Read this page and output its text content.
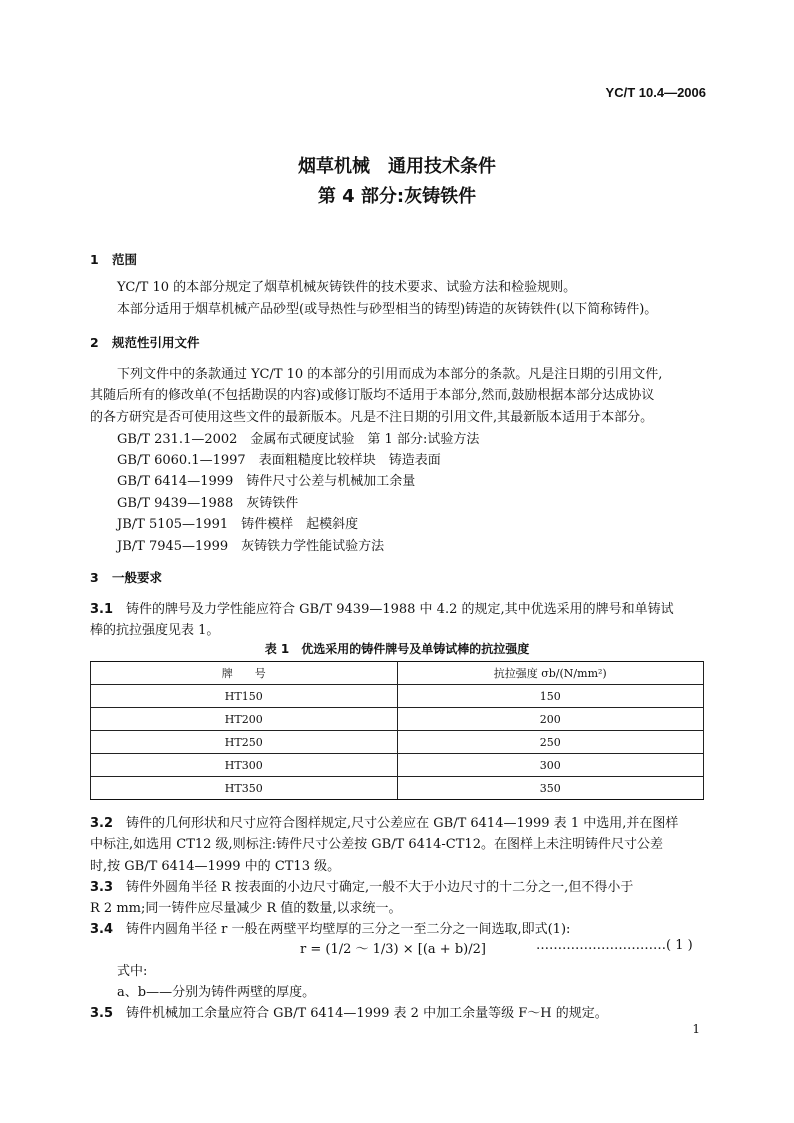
YC/T 10.4—2006
烟草机械　通用技术条件
第 4 部分:灰铸铁件
1 范围
YC/T 10 的本部分规定了烟草机械灰铸铁件的技术要求、试验方法和检验规则。
本部分适用于烟草机械产品砂型(或导热性与砂型相当的铸型)铸造的灰铸铁件(以下简称铸件)。
2 规范性引用文件
下列文件中的条款通过 YC/T 10 的本部分的引用而成为本部分的条款。凡是注日期的引用文件,
其随后所有的修改单(不包括勘误的内容)或修订版均不适用于本部分,然而,鼓励根据本部分达成协议
的各方研究是否可使用这些文件的最新版本。凡是不注日期的引用文件,其最新版本适用于本部分。
GB/T 231.1—2002　金属布式硬度试验　第 1 部分:试验方法
GB/T 6060.1—1997　表面粗糙度比较样块　铸造表面
GB/T 6414—1999　铸件尺寸公差与机械加工余量
GB/T 9439—1988　灰铸铁件
JB/T 5105—1991　铸件模样　起模斜度
JB/T 7945—1999　灰铸铁力学性能试验方法
3 一般要求
3.1 铸件的牌号及力学性能应符合 GB/T 9439—1988 中 4.2 的规定,其中优选采用的牌号和单铸试
棒的抗拉强度见表 1。
表 1　优选采用的铸件牌号及单铸试棒的抗拉强度
牌　　号	抗拉强度 σb/(N/mm²)
HT150	150
HT200	200
HT250	250
HT300	300
HT350	350
3.2 铸件的几何形状和尺寸应符合图样规定,尺寸公差应在 GB/T 6414—1999 表 1 中选用,并在图样
中标注,如选用 CT12 级,则标注:铸件尺寸公差按 GB/T 6414-CT12。在图样上未注明铸件尺寸公差
时,按 GB/T 6414—1999 中的 CT13 级。
3.3 铸件外圆角半径 R 按表面的小边尺寸确定,一般不大于小边尺寸的十二分之一,但不得小于
R 2 mm;同一铸件应尽量减少 R 值的数量,以求统一。
3.4 铸件内圆角半径 r 一般在两壁平均壁厚的三分之一至二分之一间选取,即式(1):
r = (1/2 ～ 1/3) × [(a + b)/2]	…………………………( 1 )
式中:
a、b——分别为铸件两壁的厚度。
3.5 铸件机械加工余量应符合 GB/T 6414—1999 表 2 中加工余量等级 F～H 的规定。
1
